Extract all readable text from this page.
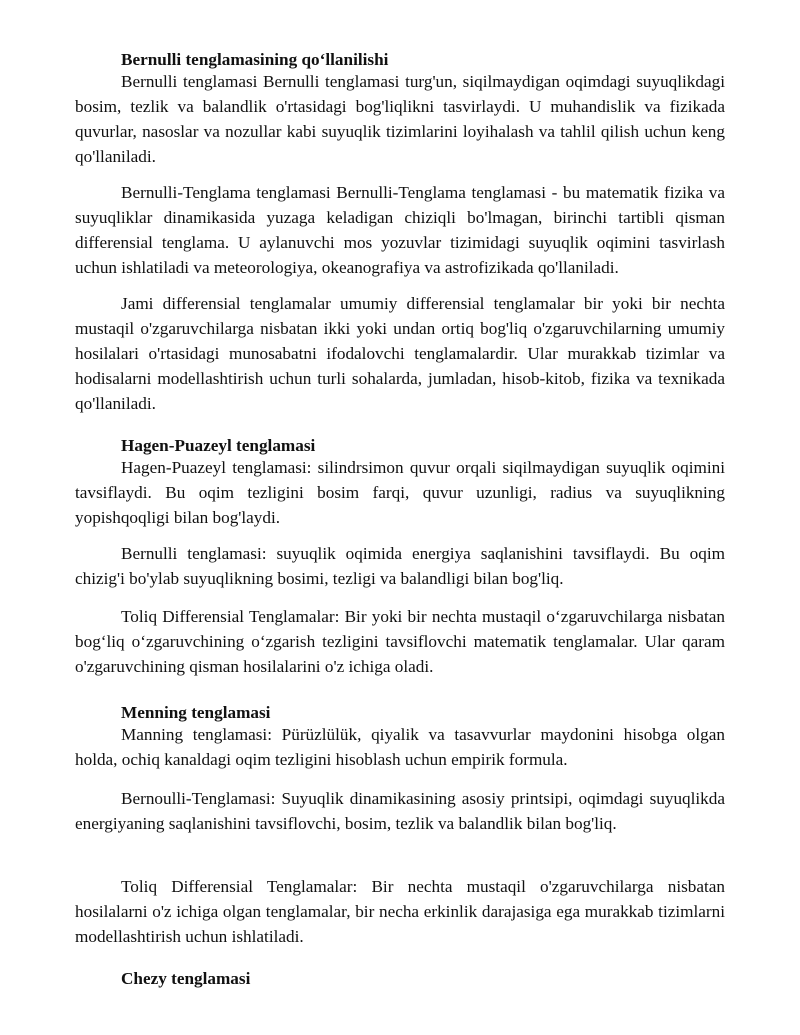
Bernulli tenglamasining qo‘llanilishi

Bernulli tenglamasi Bernulli tenglamasi turg'un, siqilmaydigan oqimdagi suyuqlikdagi bosim, tezlik va balandlik o'rtasidagi bog'liqlikni tasvirlaydi. U muhandislik va fizikada quvurlar, nasoslar va nozullar kabi suyuqlik tizimlarini loyihalash va tahlil qilish uchun keng qo'llaniladi.

Bernulli-Tenglama tenglamasi Bernulli-Tenglama tenglamasi - bu matematik fizika va suyuqliklar dinamikasida yuzaga keladigan chiziqli bo'lmagan, birinchi tartibli qisman differensial tenglama. U aylanuvchi mos yozuvlar tizimidagi suyuqlik oqimini tasvirlash uchun ishlatiladi va meteorologiya, okeanografiya va astrofizikada qo'llaniladi.

Jami differensial tenglamalar umumiy differensial tenglamalar bir yoki bir nechta mustaqil o'zgaruvchilarga nisbatan ikki yoki undan ortiq bog'liq o'zgaruvchilarning umumiy hosilalari o'rtasidagi munosabatni ifodalovchi tenglamalardir. Ular murakkab tizimlar va hodisalarni modellashtirish uchun turli sohalarda, jumladan, hisob-kitob, fizika va texnikada qo'llaniladi.

Hagen-Puazeyl tenglamasi

Hagen-Puazeyl tenglamasi: silindrsimon quvur orqali siqilmaydigan suyuqlik oqimini tavsiflaydi. Bu oqim tezligini bosim farqi, quvur uzunligi, radius va suyuqlikning yopishqoqligi bilan bog'laydi.

Bernulli tenglamasi: suyuqlik oqimida energiya saqlanishini tavsiflaydi. Bu oqim chizig'i bo'ylab suyuqlikning bosimi, tezligi va balandligi bilan bog'liq.

Toliq Differensial Tenglamalar: Bir yoki bir nechta mustaqil o‘zgaruvchilarga nisbatan bog‘liq o‘zgaruvchining o‘zgarish tezligini tavsiflovchi matematik tenglamalar. Ular qaram o'zgaruvchining qisman hosilalarini o'z ichiga oladi.

Menning tenglamasi

Manning tenglamasi: Pürüzlülük, qiyalik va tasavvurlar maydonini hisobga olgan holda, ochiq kanaldagi oqim tezligini hisoblash uchun empirik formula.

Bernoulli-Tenglamasi: Suyuqlik dinamikasining asosiy printsipi, oqimdagi suyuqlikda energiyaning saqlanishini tavsiflovchi, bosim, tezlik va balandlik bilan bog'liq.

Toliq Differensial Tenglamalar: Bir nechta mustaqil o'zgaruvchilarga nisbatan hosilalarni o'z ichiga olgan tenglamalar, bir necha erkinlik darajasiga ega murakkab tizimlarni modellashtirish uchun ishlatiladi.

Chezy tenglamasi
